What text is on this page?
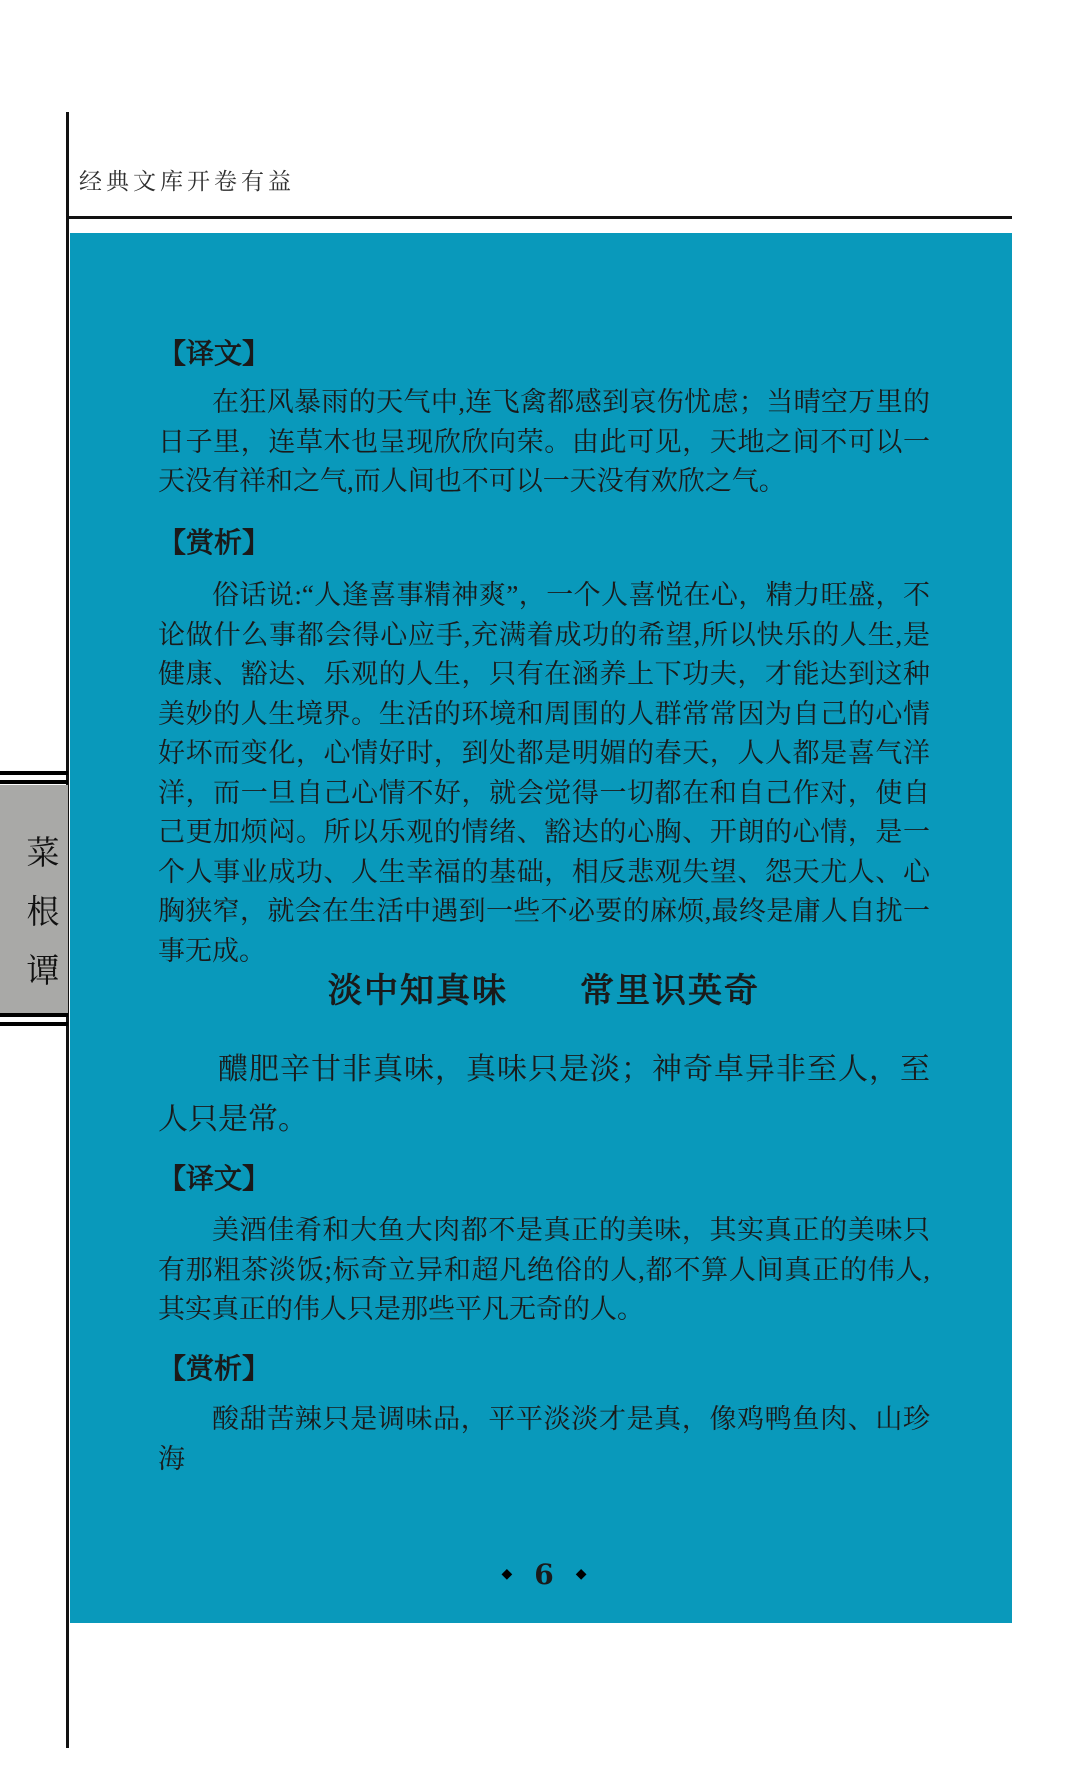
经典文库开卷有益
【译文】

在狂风暴雨的天气中,连飞禽都感到哀伤忧虑；当晴空万里的日子里，连草木也呈现欣欣向荣。由此可见，天地之间不可以一天没有祥和之气,而人间也不可以一天没有欢欣之气。

【赏析】

俗话说:“人逢喜事精神爽”，一个人喜悦在心，精力旺盛，不论做什么事都会得心应手,充满着成功的希望,所以快乐的人生,是健康、豁达、乐观的人生，只有在涵养上下功夫，才能达到这种美妙的人生境界。生活的环境和周围的人群常常因为自己的心情好坏而变化，心情好时，到处都是明媚的春天，人人都是喜气洋洋，而一旦自己心情不好，就会觉得一切都在和自己作对，使自己更加烦闷。所以乐观的情绪、豁达的心胸、开朗的心情，是一个人事业成功、人生幸福的基础，相反悲观失望、怨天尤人、心胸狭窄，就会在生活中遇到一些不必要的麻烦,最终是庸人自扰一事无成。

淡中知真味　　常里识英奇

醲肥辛甘非真味，真味只是淡；神奇卓异非至人，至人只是常。

【译文】

美酒佳肴和大鱼大肉都不是真正的美味，其实真正的美味只有那粗茶淡饭;标奇立异和超凡绝俗的人,都不算人间真正的伟人,其实真正的伟人只是那些平凡无奇的人。

【赏析】

酸甜苦辣只是调味品，平平淡淡才是真，像鸡鸭鱼肉、山珍海

◆ 6 ◆
菜
根
谭
